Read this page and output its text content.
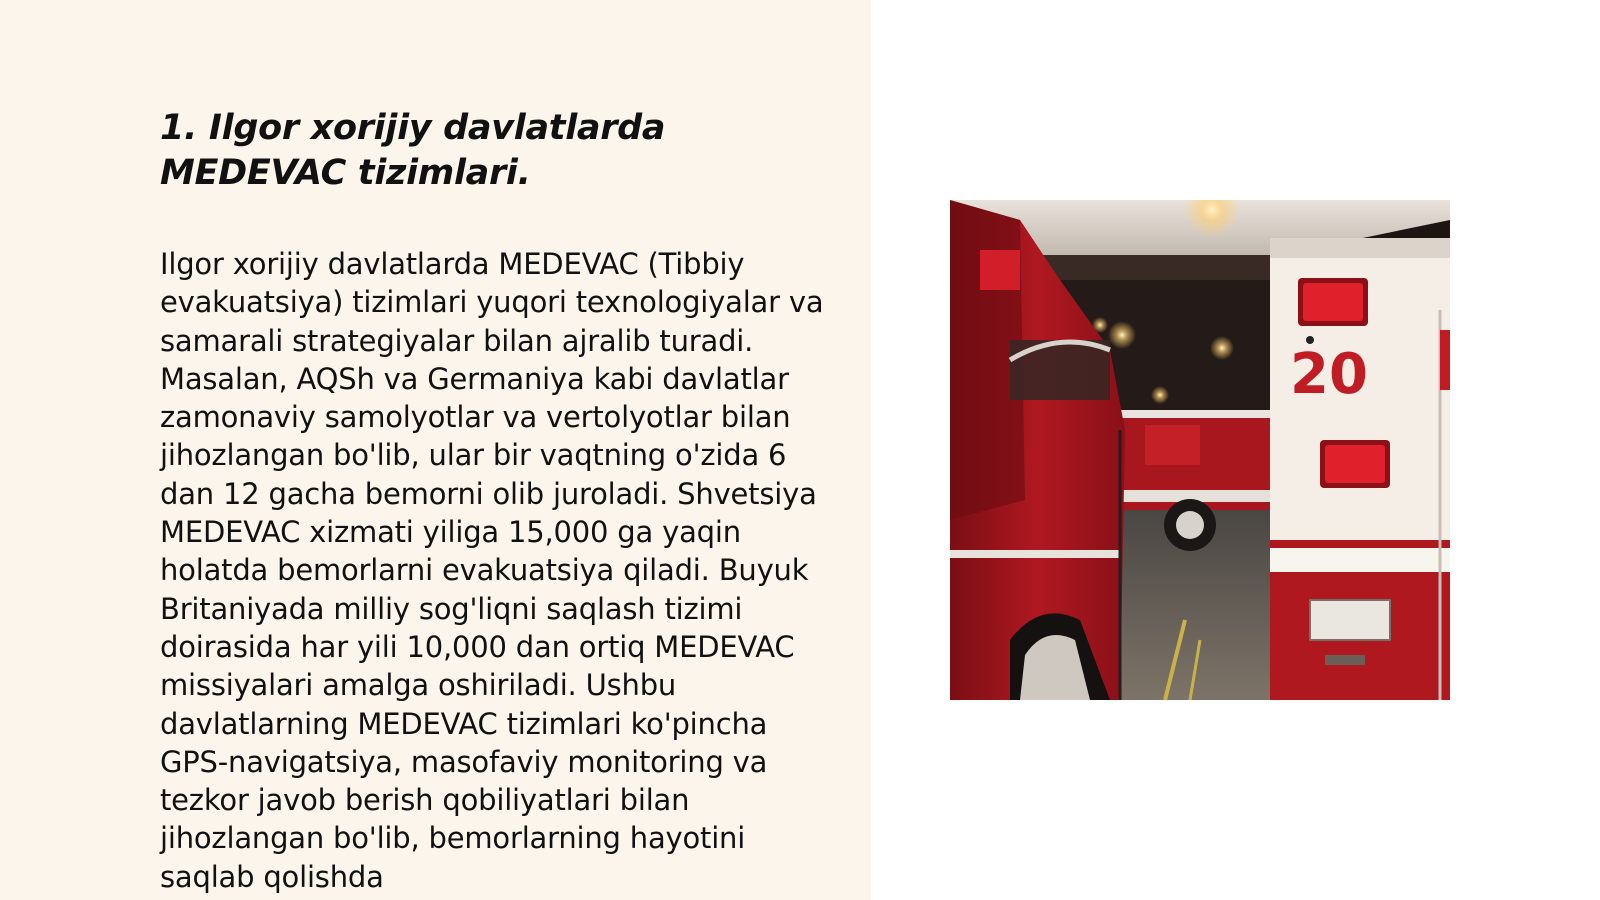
1. Ilgor xorijiy davlatlarda MEDEVAC tizimlari.

Ilgor xorijiy davlatlarda MEDEVAC (Tibbiy evakuatsiya) tizimlari yuqori texnologiyalar va samarali strategiyalar bilan ajralib turadi. Masalan, AQSh va Germaniya kabi davlatlar zamonaviy samolyotlar va vertolyotlar bilan jihozlangan bo'lib, ular bir vaqtning o'zida 6 dan 12 gacha bemorni olib juroladi. Shvetsiya MEDEVAC xizmati yiliga 15,000 ga yaqin holatda bemorlarni evakuatsiya qiladi. Buyuk Britaniyada milliy sog'liqni saqlash tizimi doirasida har yili 10,000 dan ortiq MEDEVAC missiyalari amalga oshiriladi. Ushbu davlatlarning MEDEVAC tizimlari ko'pincha GPS-navigatsiya, masofaviy monitoring va tezkor javob berish qobiliyatlari bilan jihozlangan bo'lib, bemorlarning hayotini saqlab qolishda

20
